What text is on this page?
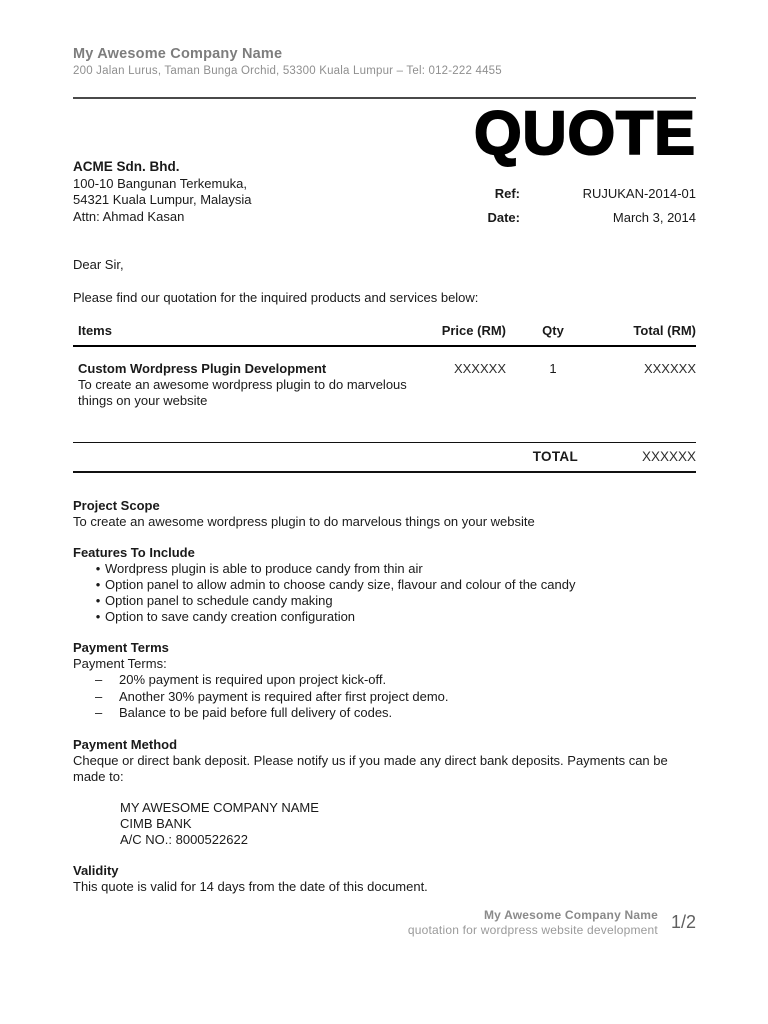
My Awesome Company Name
200 Jalan Lurus, Taman Bunga Orchid, 53300 Kuala Lumpur – Tel: 012-222 4455
ACME Sdn. Bhd.
100-10 Bangunan Terkemuka,
54321 Kuala Lumpur, Malaysia
Attn: Ahmad Kasan
QUOTE
Ref:	RUJUKAN-2014-01
Date:	March 3, 2014
Dear Sir,
Please find our quotation for the inquired products and services below:
Items	Price (RM)	Qty	Total (RM)

Custom Wordpress Plugin Development
To create an awesome wordpress plugin to do marvelous things on your website	XXXXXX	1	XXXXXX
TOTAL	XXXXXX
Project Scope
To create an awesome wordpress plugin to do marvelous things on your website
Features To Include
• Wordpress plugin is able to produce candy from thin air
• Option panel to allow admin to choose candy size, flavour and colour of the candy
• Option panel to schedule candy making
• Option to save candy creation configuration
Payment Terms
Payment Terms:
–	20% payment is required upon project kick-off.
–	Another 30% payment is required after first project demo.
–	Balance to be paid before full delivery of codes.
Payment Method
Cheque or direct bank deposit. Please notify us if you made any direct bank deposits. Payments can be made to:
MY AWESOME COMPANY NAME
CIMB BANK
A/C NO.: 8000522622
Validity
This quote is valid for 14 days from the date of this document.
My Awesome Company Name
quotation for wordpress website development 1/2
